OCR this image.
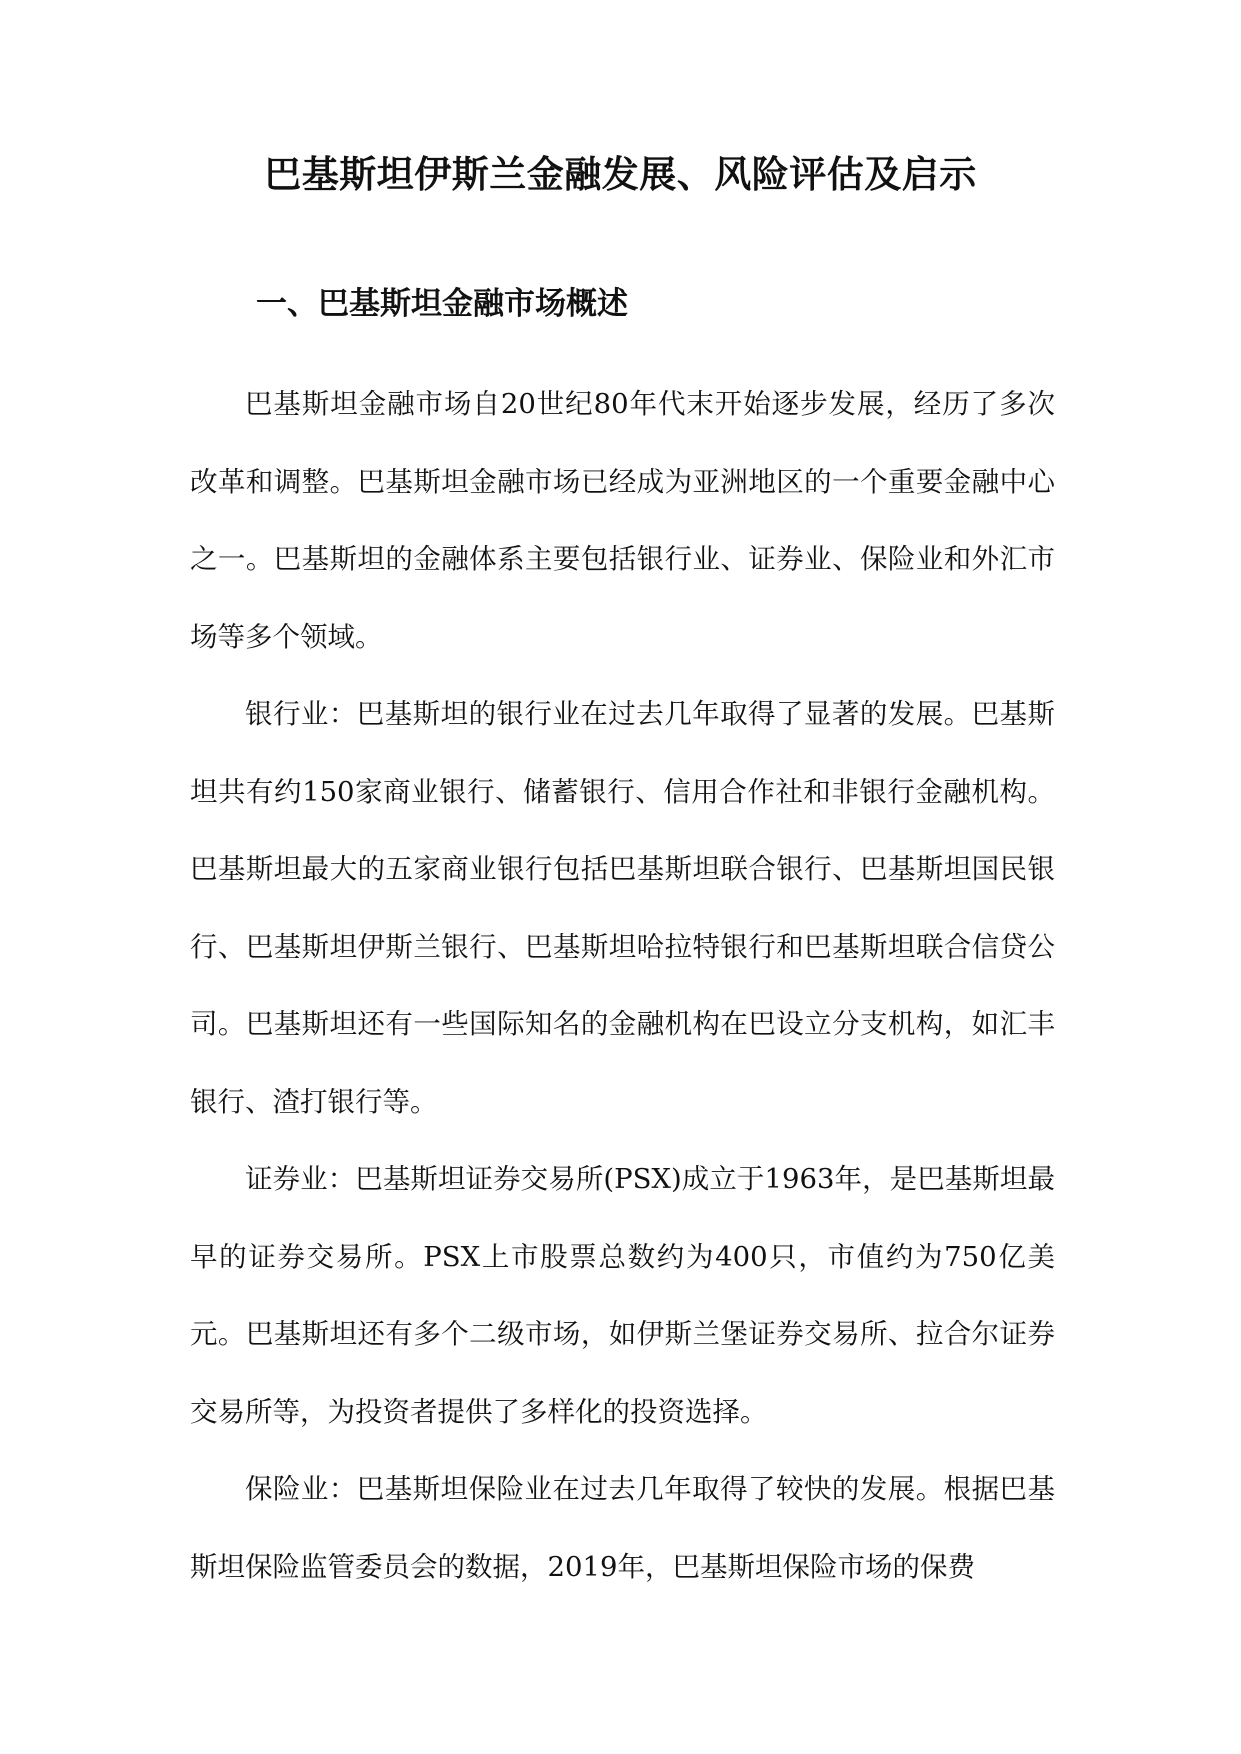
巴基斯坦伊斯兰金融发展、风险评估及启示
一、巴基斯坦金融市场概述

巴基斯坦金融市场自20世纪80年代末开始逐步发展，经历了多次改革和调整。巴基斯坦金融市场已经成为亚洲地区的一个重要金融中心之一。巴基斯坦的金融体系主要包括银行业、证券业、保险业和外汇市场等多个领域。

银行业：巴基斯坦的银行业在过去几年取得了显著的发展。巴基斯坦共有约150家商业银行、储蓄银行、信用合作社和非银行金融机构。巴基斯坦最大的五家商业银行包括巴基斯坦联合银行、巴基斯坦国民银行、巴基斯坦伊斯兰银行、巴基斯坦哈拉特银行和巴基斯坦联合信贷公司。巴基斯坦还有一些国际知名的金融机构在巴设立分支机构，如汇丰银行、渣打银行等。

证券业：巴基斯坦证券交易所(PSX)成立于1963年，是巴基斯坦最早的证券交易所。PSX上市股票总数约为400只，市值约为750亿美元。巴基斯坦还有多个二级市场，如伊斯兰堡证券交易所、拉合尔证券交易所等，为投资者提供了多样化的投资选择。

保险业：巴基斯坦保险业在过去几年取得了较快的发展。根据巴基斯坦保险监管委员会的数据，2019年，巴基斯坦保险市场的保费
